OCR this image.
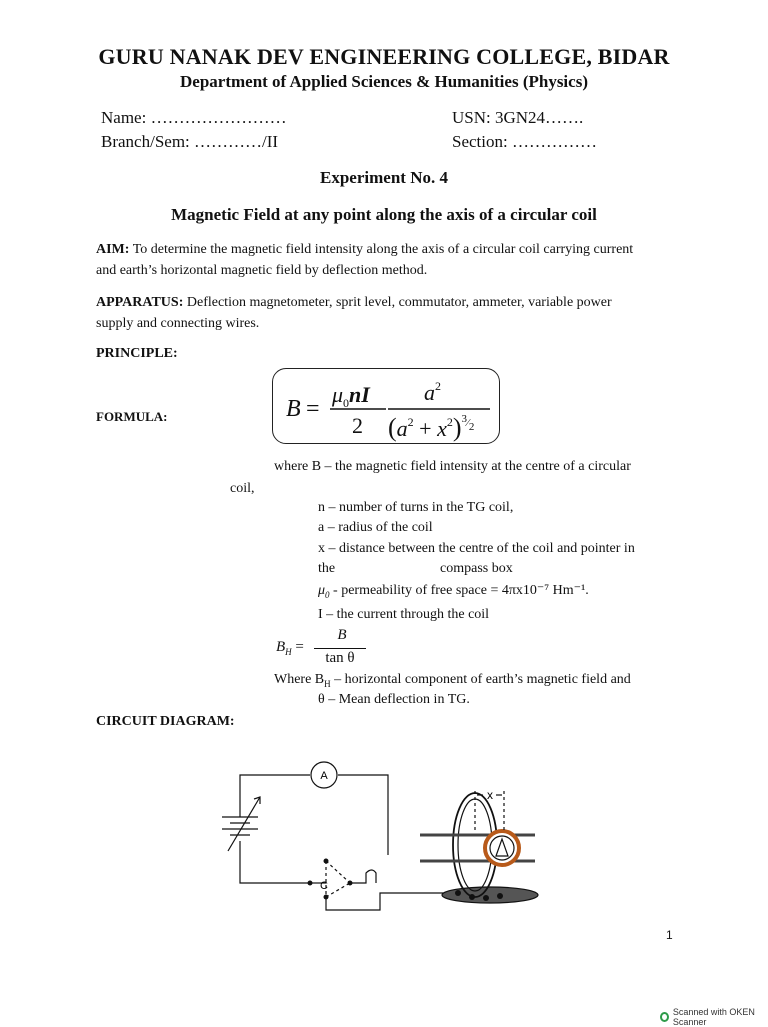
GURU NANAK DEV ENGINEERING COLLEGE, BIDAR
Department of Applied Sciences & Humanities (Physics)
Name: ……………………	USN: 3GN24…….
Branch/Sem: …………/II	Section: ……………
Experiment No. 4
Magnetic Field at any point along the axis of a circular coil
AIM: To determine the magnetic field intensity along the axis of a circular coil carrying current
and earth’s horizontal magnetic field by deflection method.
APPARATUS: Deflection magnetometer, sprit level, commutator, ammeter, variable power
supply and connecting wires.
PRINCIPLE:
FORMULA:	B =
$\mu_0nI$
2
$a^2$
($a^2$ + $x^2)^3⁄2$
where B – the magnetic field intensity at the centre of a circular
coil,
n – number of turns in the TG coil,
a – radius of the coil
x – distance between the centre of the coil and pointer in
the	compass box
$\mu_0$ - permeability of free space = 4πx10⁻⁷ Hm⁻¹.
I – the current through the coil
$B_H$ =
B
tan θ
Where $B_H$ – horizontal component of earth’s magnetic field and
θ – Mean deflection in TG.
CIRCUIT DIAGRAM:
A
C
x
1
Scanned with OKEN Scanner
